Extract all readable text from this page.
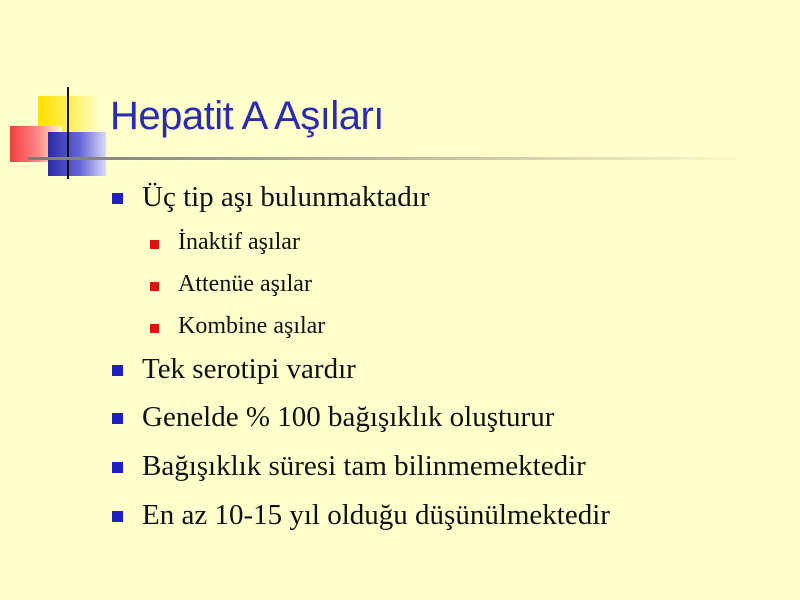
Hepatit A Aşıları
Üç tip aşı bulunmaktadır
İnaktif aşılar
Attenüe aşılar
Kombine aşılar
Tek serotipi vardır
Genelde % 100 bağışıklık oluşturur
Bağışıklık süresi tam bilinmemektedir
En az 10-15 yıl olduğu düşünülmektedir
